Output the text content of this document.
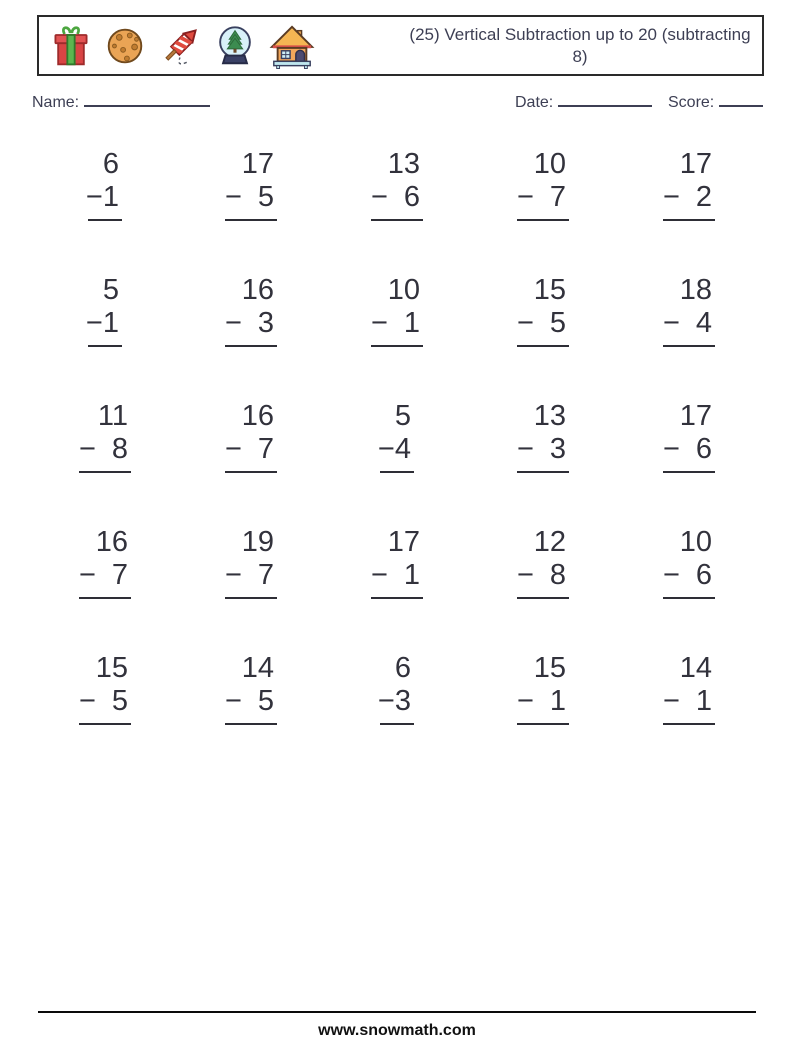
(25) Vertical Subtraction up to 20 (subtracting 8)
Name:	Date:	Score:
6
− 1
17
− 5
13
− 6
10
− 7
17
− 2
5
− 1
16
− 3
10
− 1
15
− 5
18
− 4
11
− 8
16
− 7
5
− 4
13
− 3
17
− 6
16
− 7
19
− 7
17
− 1
12
− 8
10
− 6
15
− 5
14
− 5
6
− 3
15
− 1
14
− 1
www.snowmath.com
